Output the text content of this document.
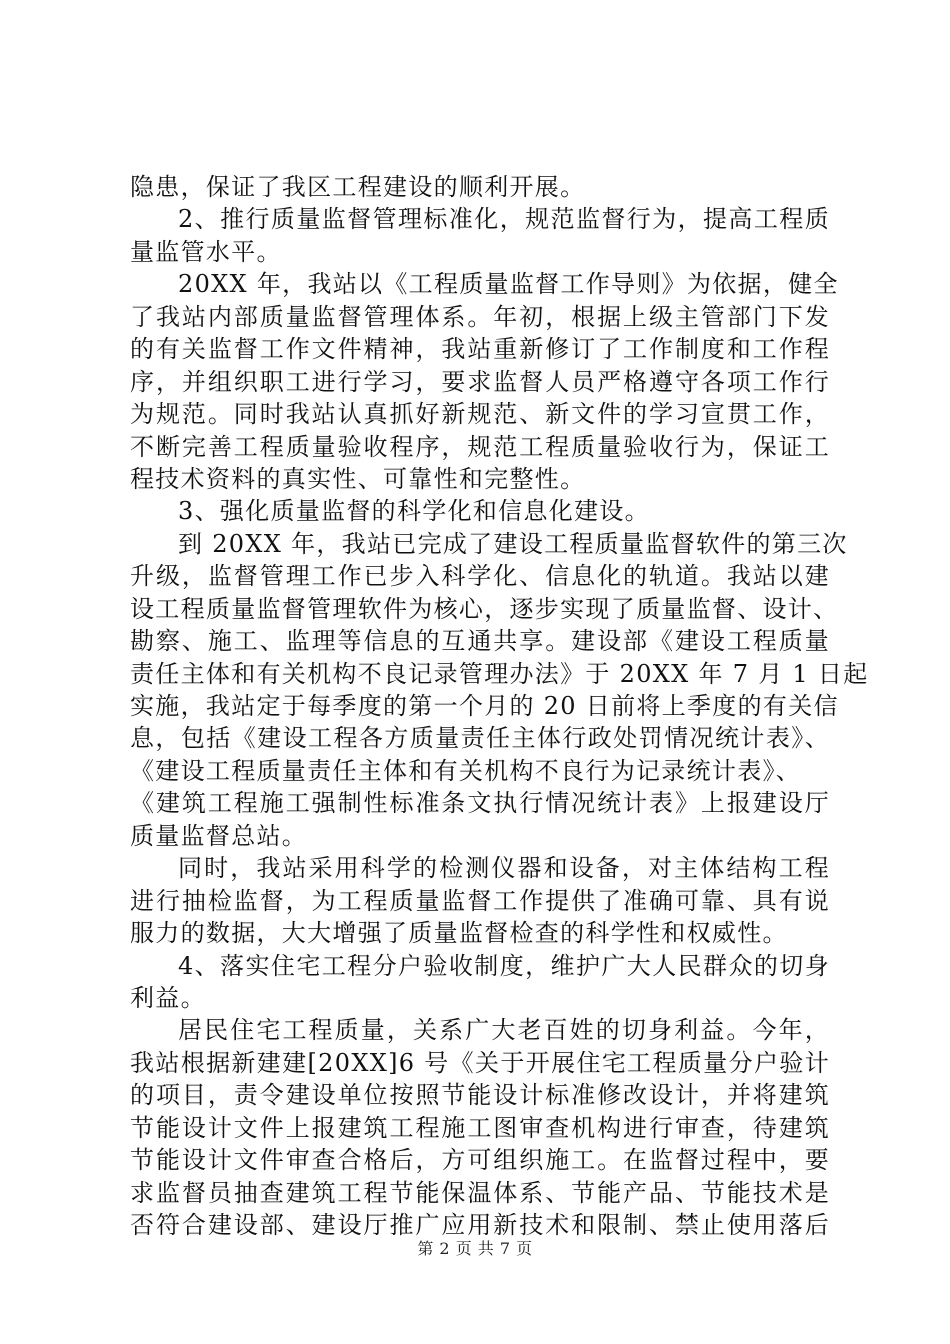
隐患，保证了我区工程建设的顺利开展。
2、推行质量监督管理标准化，规范监督行为，提高工程质
量监管水平。
20XX 年，我站以《工程质量监督工作导则》为依据，健全
了我站内部质量监督管理体系。年初，根据上级主管部门下发
的有关监督工作文件精神，我站重新修订了工作制度和工作程
序，并组织职工进行学习，要求监督人员严格遵守各项工作行
为规范。同时我站认真抓好新规范、新文件的学习宣贯工作，
不断完善工程质量验收程序，规范工程质量验收行为，保证工
程技术资料的真实性、可靠性和完整性。
3、强化质量监督的科学化和信息化建设。
到 20XX 年，我站已完成了建设工程质量监督软件的第三次
升级，监督管理工作已步入科学化、信息化的轨道。我站以建
设工程质量监督管理软件为核心，逐步实现了质量监督、设计、
勘察、施工、监理等信息的互通共享。建设部《建设工程质量
责任主体和有关机构不良记录管理办法》于 20XX 年 7 月 1 日起
实施，我站定于每季度的第一个月的 20 日前将上季度的有关信
息，包括《建设工程各方质量责任主体行政处罚情况统计表》、
《建设工程质量责任主体和有关机构不良行为记录统计表》、
《建筑工程施工强制性标准条文执行情况统计表》上报建设厅
质量监督总站。
同时，我站采用科学的检测仪器和设备，对主体结构工程
进行抽检监督，为工程质量监督工作提供了准确可靠、具有说
服力的数据，大大增强了质量监督检查的科学性和权威性。
4、落实住宅工程分户验收制度，维护广大人民群众的切身
利益。
居民住宅工程质量，关系广大老百姓的切身利益。今年，
我站根据新建建[20XX]6 号《关于开展住宅工程质量分户验计
的项目，责令建设单位按照节能设计标准修改设计，并将建筑
节能设计文件上报建筑工程施工图审查机构进行审查，待建筑
节能设计文件审查合格后，方可组织施工。在监督过程中，要
求监督员抽查建筑工程节能保温体系、节能产品、节能技术是
否符合建设部、建设厅推广应用新技术和限制、禁止使用落后
第 2 页 共 7 页
